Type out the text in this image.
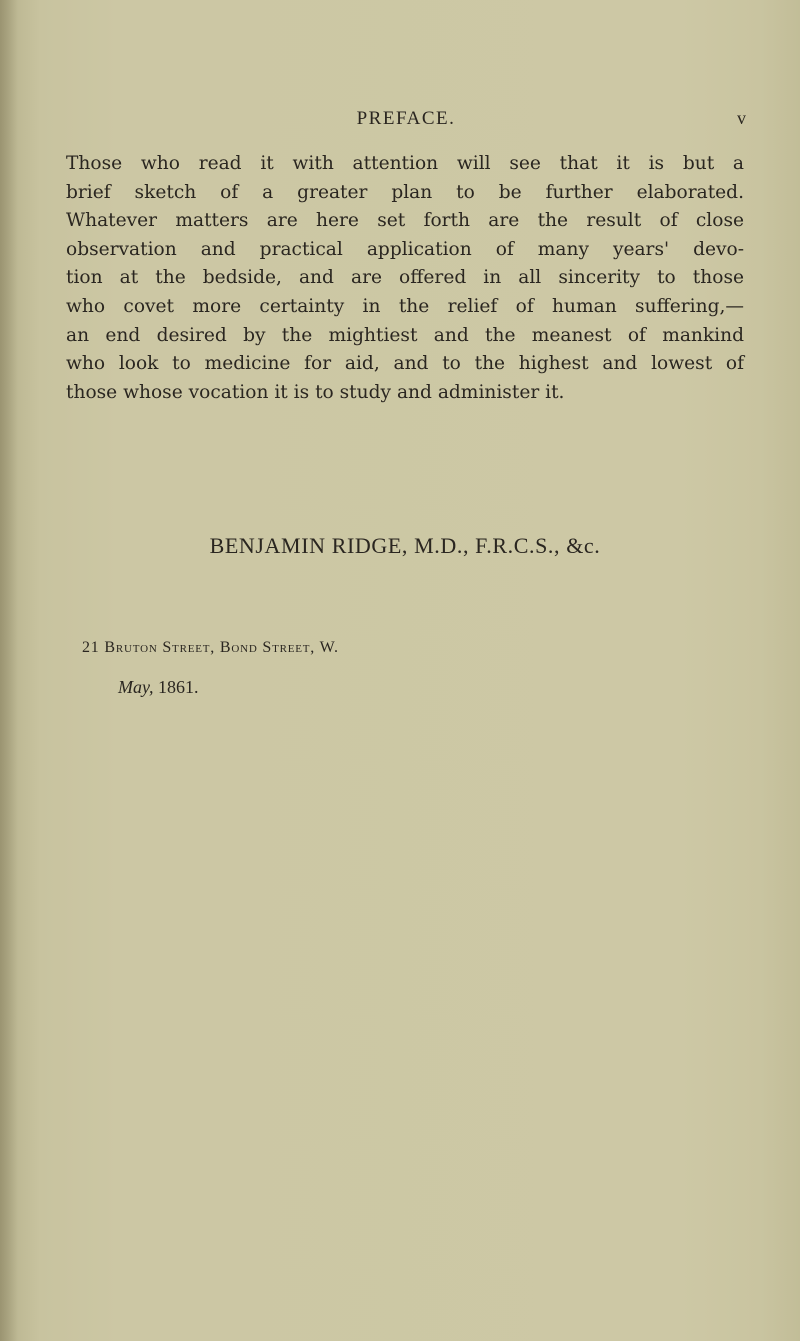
PREFACE.	v
Those who read it with attention will see that it is but a
brief sketch of a greater plan to be further elaborated.
Whatever matters are here set forth are the result of close
observation and practical application of many years' devo-
tion at the bedside, and are offered in all sincerity to those
who covet more certainty in the relief of human suffering,—
an end desired by the mightiest and the meanest of mankind
who look to medicine for aid, and to the highest and lowest of
those whose vocation it is to study and administer it.
BENJAMIN RIDGE, M.D., F.R.C.S., &c.
21 Bruton Street, Bond Street, W.
May, 1861.
